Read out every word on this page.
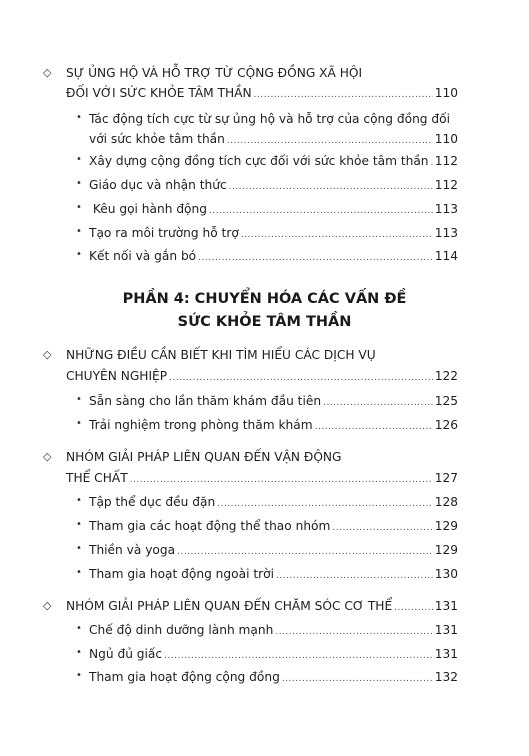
◇	SỰ ỦNG HỘ VÀ HỖ TRỢ TỪ CỘNG ĐỒNG XÃ HỘI
ĐỐI VỚI SỨC KHỎE TÂM THẦN .....	110
• Tác động tích cực từ sự ủng hộ và hỗ trợ của cộng đồng đối
với sức khỏe tâm thần .....	110
• Xây dựng cộng đồng tích cực đối với sức khỏe tâm thần ..... 112
• Giáo dục và nhận thức .....	112
• Kêu gọi hành động .....	113
• Tạo ra môi trường hỗ trợ .....	113
• Kết nối và gắn bó .....	114
PHẦN 4: CHUYỂN HÓA CÁC VẤN ĐỀ
SỨC KHỎE TÂM THẦN
◇	NHỮNG ĐIỀU CẦN BIẾT KHI TÌM HIỂU CÁC DỊCH VỤ
CHUYÊN NGHIỆP .....	122
• Sẵn sàng cho lần thăm khám đầu tiên .....	125
• Trải nghiệm trong phòng thăm khám .....	126
◇	NHÓM GIẢI PHÁP LIÊN QUAN ĐẾN VẬN ĐỘNG
THỂ CHẤT .....	127
• Tập thể dục đều đặn .....	128
• Tham gia các hoạt động thể thao nhóm .....	129
• Thiền và yoga .....	129
• Tham gia hoạt động ngoài trời .....	130
◇	NHÓM GIẢI PHÁP LIÊN QUAN ĐẾN CHĂM SÓC CƠ THỂ .....	131
• Chế độ dinh dưỡng lành mạnh .....	131
• Ngủ đủ giấc .....	131
• Tham gia hoạt động cộng đồng .....	132
